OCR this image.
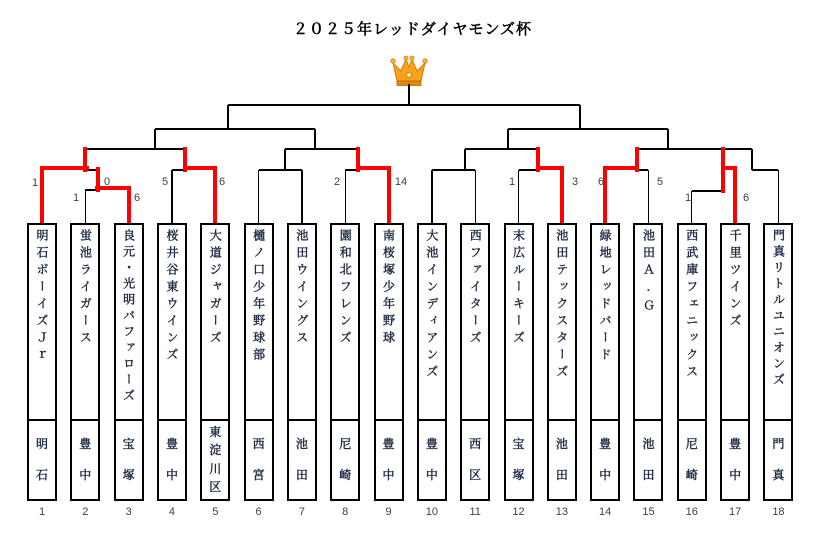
２０２５年レッドダイヤモンズ杯
1	6
1	0	5	6	2	14	1	3 6	5
1	6
明石ボーイズＪｒ
明
石
1
蛍池ライガース
豊
中
2
良元・光明バファローズ
宝
塚
3
桜井谷東ウインズ
豊
中
4
大道ジャガーズ
東
淀
川
区
5
樋ノ口少年野球部
西
宮
6
池田ウイングス
池
田
7
園和北フレンズ
尼
崎
8
南桜塚少年野球
豊
中
9
大池インディアンズ
豊
中
10
西ファイターズ
西
区
11
末広ルーキーズ
宝
塚
12
池田テックスターズ
池
田
13
緑地レッドバード
豊
中
14
池田Ａ.Ｇ
池
田
15
西武庫フェニックス
尼
崎
16
千里ツインズ
豊
中
17
門真リトルユニオンズ
門
真
18
